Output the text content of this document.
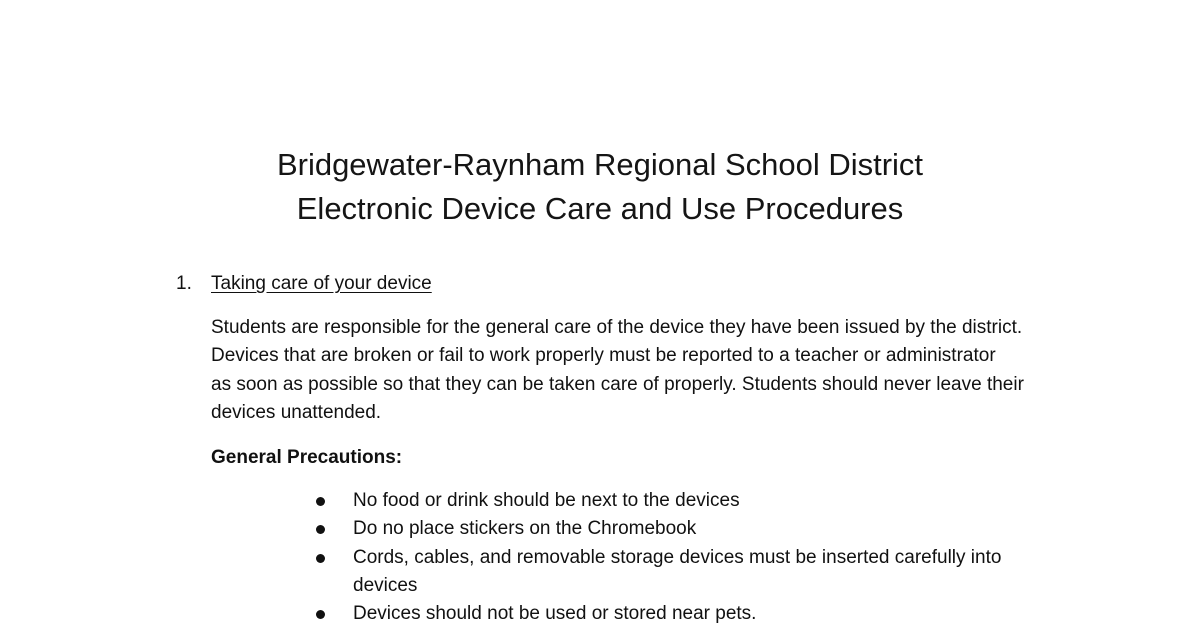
Bridgewater-Raynham Regional School District
Electronic Device Care and Use Procedures
1. Taking care of your device
Students are responsible for the general care of the device they have been issued by the district.
Devices that are broken or fail to work properly must be reported to a teacher or administrator
as soon as possible so that they can be taken care of properly. Students should never leave their
devices unattended.
General Precautions:
No food or drink should be next to the devices
Do no place stickers on the Chromebook
Cords, cables, and removable storage devices must be inserted carefully into
devices
Devices should not be used or stored near pets.
